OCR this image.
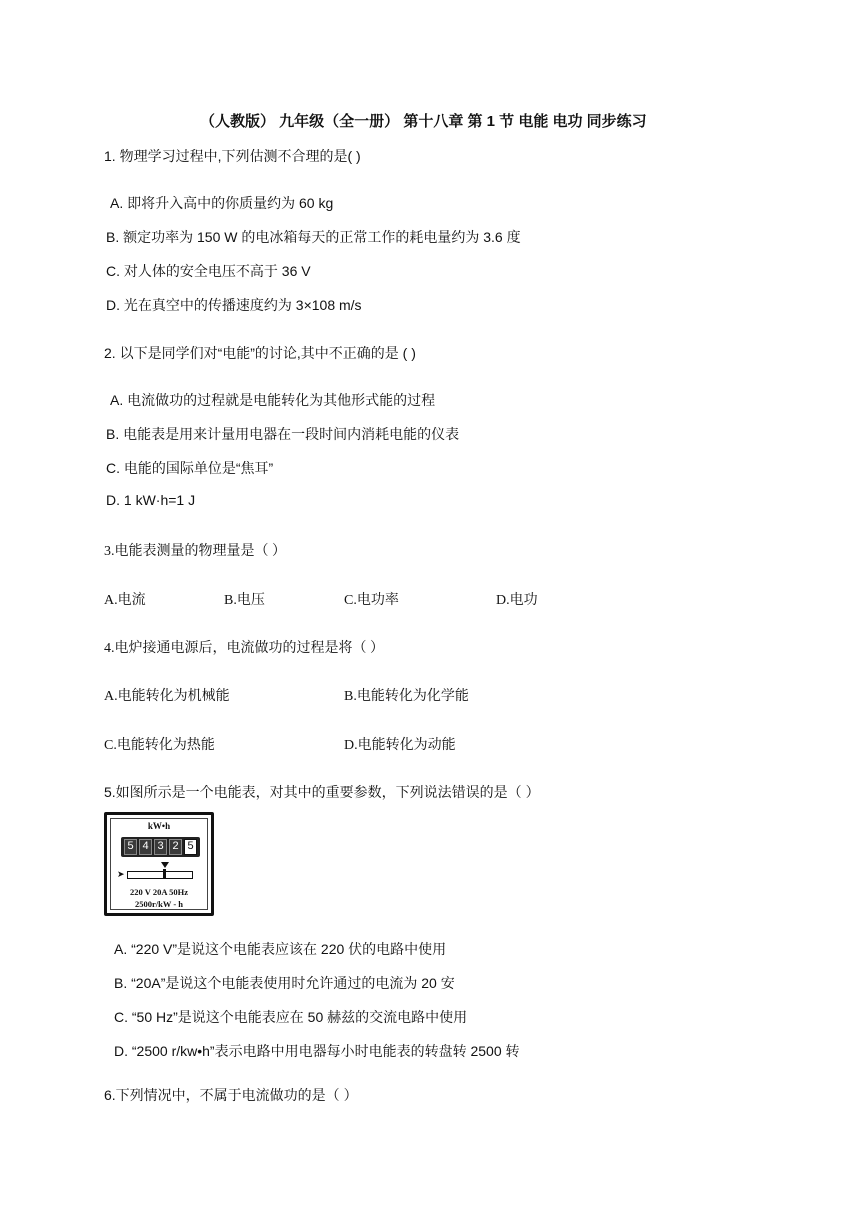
（人教版） 九年级（全一册） 第十八章 第 1 节 电能 电功 同步练习
1. 物理学习过程中,下列估测不合理的是( )
A. 即将升入高中的你质量约为 60 kg
B. 额定功率为 150 W 的电冰箱每天的正常工作的耗电量约为 3.6 度
C. 对人体的安全电压不高于 36 V
D. 光在真空中的传播速度约为 3×108 m/s
2. 以下是同学们对“电能”的讨论,其中不正确的是 ( )
A. 电流做功的过程就是电能转化为其他形式能的过程
B. 电能表是用来计量用电器在一段时间内消耗电能的仪表
C. 电能的国际单位是“焦耳”
D. 1 kW·h=1 J
3.电能表测量的物理量是（ ）
A.电流	B.电压	C.电功率	D.电功
4.电炉接通电源后，电流做功的过程是将（ ）
A.电能转化为机械能	B.电能转化为化学能
C.电能转化为热能	D.电能转化为动能
5.如图所示是一个电能表，对其中的重要参数，下列说法错误的是（ ）
kW•h
5 4 3 2 5
➤
220 V 20A 50Hz
2500r/kW - h
A. “220 V”是说这个电能表应该在 220 伏的电路中使用
B. “20A”是说这个电能表使用时允许通过的电流为 20 安
C. “50 Hz”是说这个电能表应在 50 赫兹的交流电路中使用
D. “2500 r/kw•h”表示电路中用电器每小时电能表的转盘转 2500 转
6.下列情况中，不属于电流做功的是（ ）
